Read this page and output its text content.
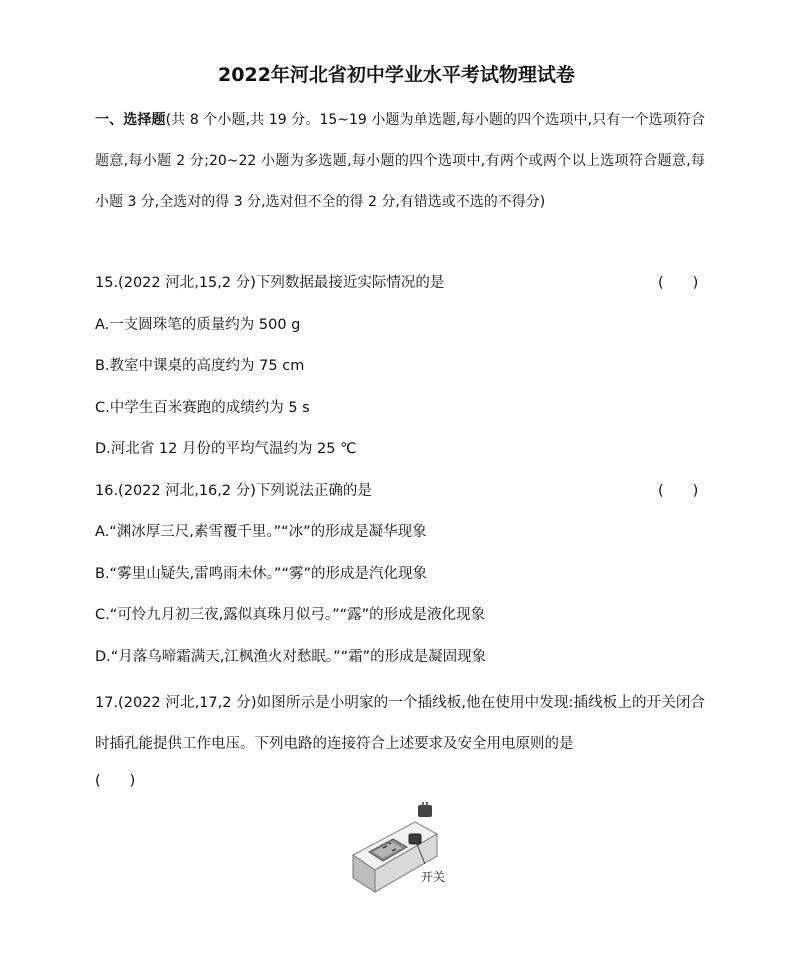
2022年河北省初中学业水平考试物理试卷
一、选择题(共 8 个小题,共 19 分。15~19 小题为单选题,每小题的四个选项中,只有一个选项符合题意,每小题 2 分;20~22 小题为多选题,每小题的四个选项中,有两个或两个以上选项符合题意,每小题 3 分,全选对的得 3 分,选对但不全的得 2 分,有错选或不选的不得分)
15.(2022 河北,15,2 分)下列数据最接近实际情况的是	(　　)
A.一支圆珠笔的质量约为 500 g
B.教室中课桌的高度约为 75 cm
C.中学生百米赛跑的成绩约为 5 s
D.河北省 12 月份的平均气温约为 25 ℃
16.(2022 河北,16,2 分)下列说法正确的是	(　　)
A.“渊冰厚三尺,素雪覆千里。”“冰”的形成是凝华现象
B.“雾里山疑失,雷鸣雨未休。”“雾”的形成是汽化现象
C.“可怜九月初三夜,露似真珠月似弓。”“露”的形成是液化现象
D.“月落乌啼霜满天,江枫渔火对愁眠。”“霜”的形成是凝固现象
17.(2022 河北,17,2 分)如图所示是小明家的一个插线板,他在使用中发现:插线板上的开关闭合时插孔能提供工作电压。下列电路的连接符合上述要求及安全用电原则的是
(　　)
开关
